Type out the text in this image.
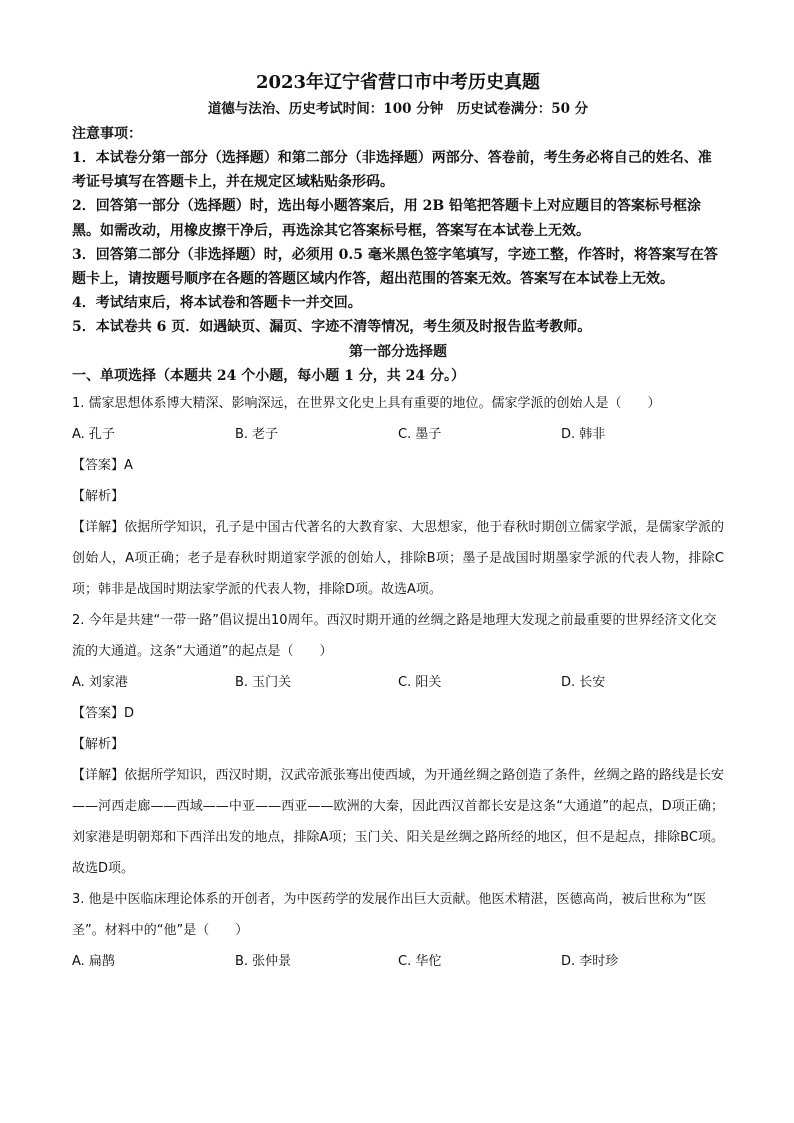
2023年辽宁省营口市中考历史真题
道德与法治、历史考试时间：100 分钟　历史试卷满分：50 分
注意事项：
1．本试卷分第一部分（选择题）和第二部分（非选择题）两部分、答卷前，考生务必将自己的姓名、准考证号填写在答题卡上，并在规定区域粘贴条形码。
2．回答第一部分（选择题）时，选出每小题答案后，用 2B 铅笔把答题卡上对应题目的答案标号框涂黑。如需改动，用橡皮擦干净后，再选涂其它答案标号框，答案写在本试卷上无效。
3．回答第二部分（非选择题）时，必须用 0.5 毫米黑色签字笔填写，字迹工整，作答时，将答案写在答题卡上，请按题号顺序在各题的答题区域内作答，超出范围的答案无效。答案写在本试卷上无效。
4．考试结束后，将本试卷和答题卡一并交回。
5．本试卷共 6 页．如遇缺页、漏页、字迹不清等情况，考生须及时报告监考教师。
第一部分选择题
一、单项选择（本题共 24 个小题，每小题 1 分，共 24 分。）
1. 儒家思想体系博大精深、影响深远，在世界文化史上具有重要的地位。儒家学派的创始人是（　　）
A. 孔子	B. 老子	C. 墨子	D. 韩非
【答案】A
【解析】
【详解】依据所学知识，孔子是中国古代著名的大教育家、大思想家，他于春秋时期创立儒家学派，是儒家学派的创始人，A项正确；老子是春秋时期道家学派的创始人，排除B项；墨子是战国时期墨家学派的代表人物，排除C项；韩非是战国时期法家学派的代表人物，排除D项。故选A项。
2. 今年是共建“一带一路”倡议提出10周年。西汉时期开通的丝绸之路是地理大发现之前最重要的世界经济文化交流的大通道。这条“大通道”的起点是（　　）
A. 刘家港	B. 玉门关	C. 阳关	D. 长安
【答案】D
【解析】
【详解】依据所学知识，西汉时期，汉武帝派张骞出使西域，为开通丝绸之路创造了条件，丝绸之路的路线是长安——河西走廊——西域——中亚——西亚——欧洲的大秦，因此西汉首都长安是这条“大通道”的起点，D项正确；刘家港是明朝郑和下西洋出发的地点，排除A项；玉门关、阳关是丝绸之路所经的地区，但不是起点，排除BC项。故选D项。
3. 他是中医临床理论体系的开创者，为中医药学的发展作出巨大贡献。他医术精湛，医德高尚，被后世称为“医圣”。材料中的“他”是（　　）
A. 扁鹊	B. 张仲景	C. 华佗	D. 李时珍
